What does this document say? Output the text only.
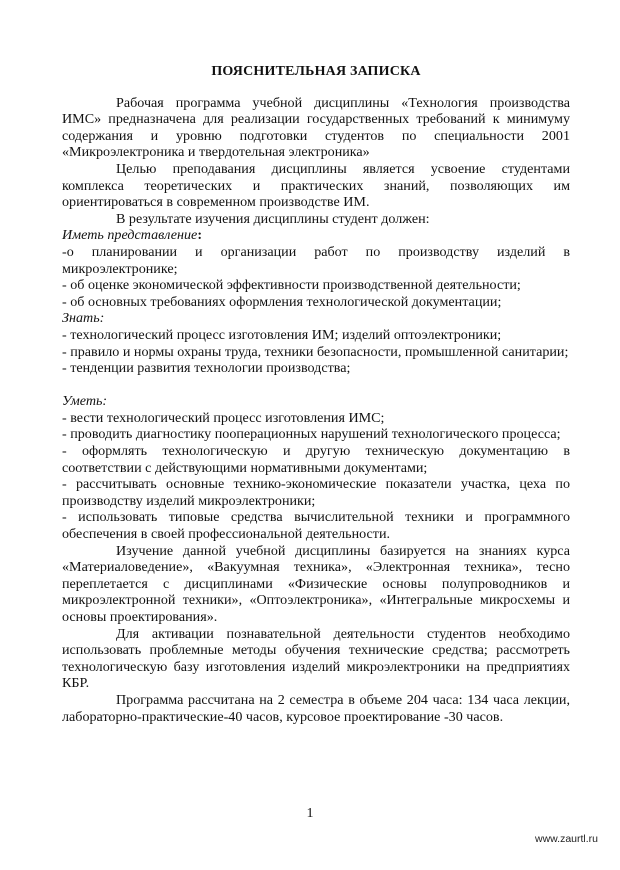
ПОЯСНИТЕЛЬНАЯ ЗАПИСКА

Рабочая программа учебной дисциплины «Технология производства ИМС» предназначена для реализации государственных требований к минимуму содержания и уровню подготовки студентов по специальности 2001 «Микроэлектроника и твердотельная электроника»

Целью преподавания дисциплины является усвоение студентами комплекса теоретических и практических знаний, позволяющих им ориентироваться в современном производстве ИМ.

В результате изучения дисциплины студент должен:

Иметь представление:

-о планировании и организации работ по производству изделий в микроэлектронике;

- об оценке экономической эффективности производственной деятельности;

- об основных требованиях оформления технологической документации;

Знать:

- технологический процесс изготовления ИМ; изделий оптоэлектроники;

- правило и нормы охраны труда, техники безопасности, промышленной санитарии;

- тенденции развития технологии производства;

Уметь:

- вести технологический процесс изготовления ИМС;

- проводить диагностику пооперационных нарушений технологического процесса;

- оформлять технологическую и другую техническую документацию в соответствии с действующими нормативными документами;

- рассчитывать основные технико-экономические показатели участка, цеха по производству изделий микроэлектроники;

- использовать типовые средства вычислительной техники и программного обеспечения в своей профессиональной деятельности.

Изучение данной учебной дисциплины базируется на знаниях курса «Материаловедение», «Вакуумная техника», «Электронная техника», тесно переплетается с дисциплинами «Физические основы полупроводников и микроэлектронной техники», «Оптоэлектроника», «Интегральные микросхемы и основы проектирования».

Для активации познавательной деятельности студентов необходимо использовать проблемные методы обучения технические средства; рассмотреть технологическую базу изготовления изделий микроэлектроники на предприятиях КБР.

Программа рассчитана на 2 семестра в объеме 204 часа: 134 часа лекции, лабораторно-практические-40 часов, курсовое проектирование -30 часов.

1
www.zaurtl.ru
